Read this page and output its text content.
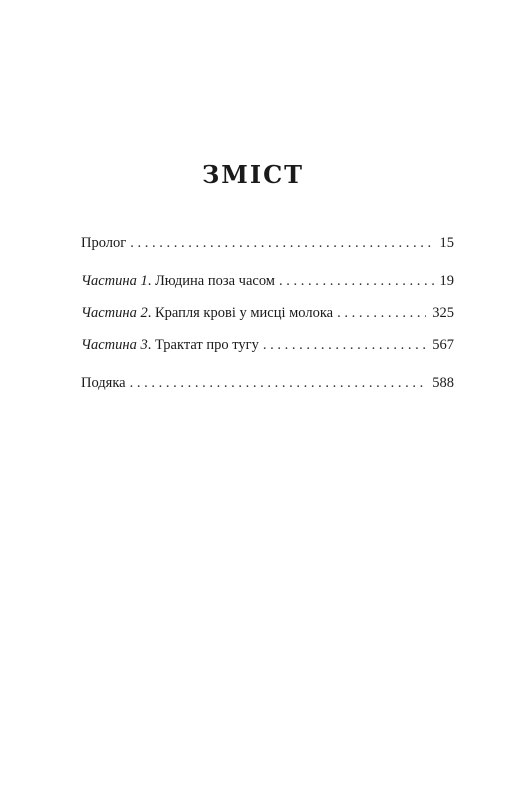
ЗМІСТ
Пролог . . .	15
Частина 1. Людина поза часом . . .	19
Частина 2. Крапля крові у мисці молока . . .	325
Частина 3. Трактат про тугу . . .	567
Подяка . . .	588
